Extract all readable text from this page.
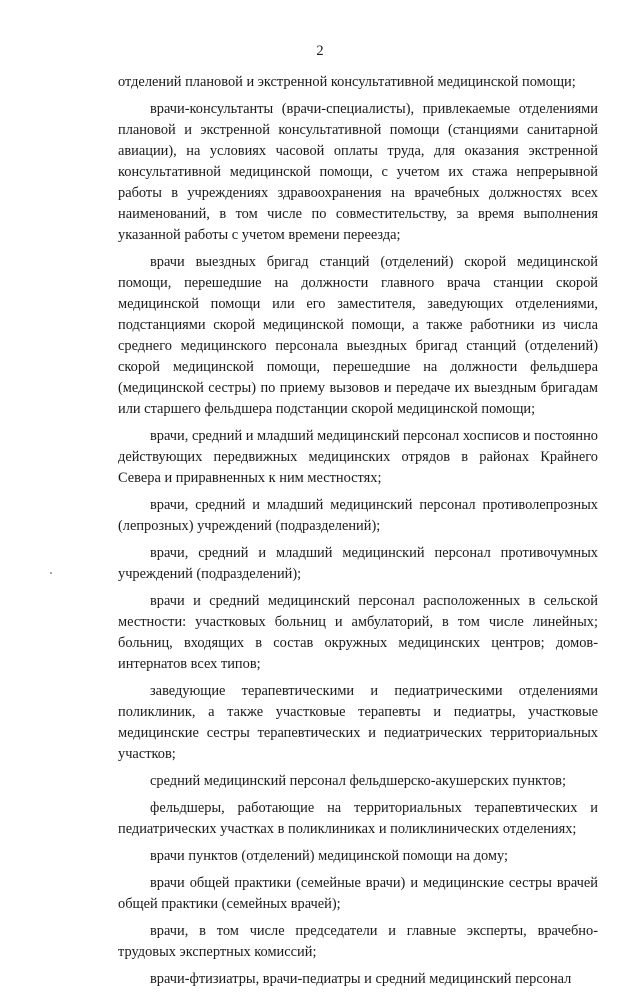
2

отделений плановой и экстренной консультативной медицинской помощи;

врачи-консультанты (врачи-специалисты), привлекаемые отделениями плановой и экстренной консультативной помощи (станциями санитарной авиации), на условиях часовой оплаты труда, для оказания экстренной консультативной медицинской помощи, с учетом их стажа непрерывной работы в учреждениях здравоохранения на врачебных должностях всех наименований, в том числе по совместительству, за время выполнения указанной работы с учетом времени переезда;

врачи выездных бригад станций (отделений) скорой медицинской помощи, перешедшие на должности главного врача станции скорой медицинской помощи или его заместителя, заведующих отделениями, подстанциями скорой медицинской помощи, а также работники из числа среднего медицинского персонала выездных бригад станций (отделений) скорой медицинской помощи, перешедшие на должности фельдшера (медицинской сестры) по приему вызовов и передаче их выездным бригадам или старшего фельдшера подстанции скорой медицинской помощи;

врачи, средний и младший медицинский персонал хосписов и постоянно действующих передвижных медицинских отрядов в районах Крайнего Севера и приравненных к ним местностях;

врачи, средний и младший медицинский персонал противолепрозных (лепрозных) учреждений (подразделений);

врачи, средний и младший медицинский персонал противочумных учреждений (подразделений);

врачи и средний медицинский персонал расположенных в сельской местности: участковых больниц и амбулаторий, в том числе линейных; больниц, входящих в состав окружных медицинских центров; домов-интернатов всех типов;

заведующие терапевтическими и педиатрическими отделениями поликлиник, а также участковые терапевты и педиатры, участковые медицинские сестры терапевтических и педиатрических территориальных участков;

средний медицинский персонал фельдшерско-акушерских пунктов;

фельдшеры, работающие на территориальных терапевтических и педиатрических участках в поликлиниках и поликлинических отделениях;

врачи пунктов (отделений) медицинской помощи на дому;

врачи общей практики (семейные врачи) и медицинские сестры врачей общей практики (семейных врачей);

врачи, в том числе председатели и главные эксперты, врачебно-трудовых экспертных комиссий;

врачи-фтизиатры, врачи-педиатры и средний медицинский персонал
